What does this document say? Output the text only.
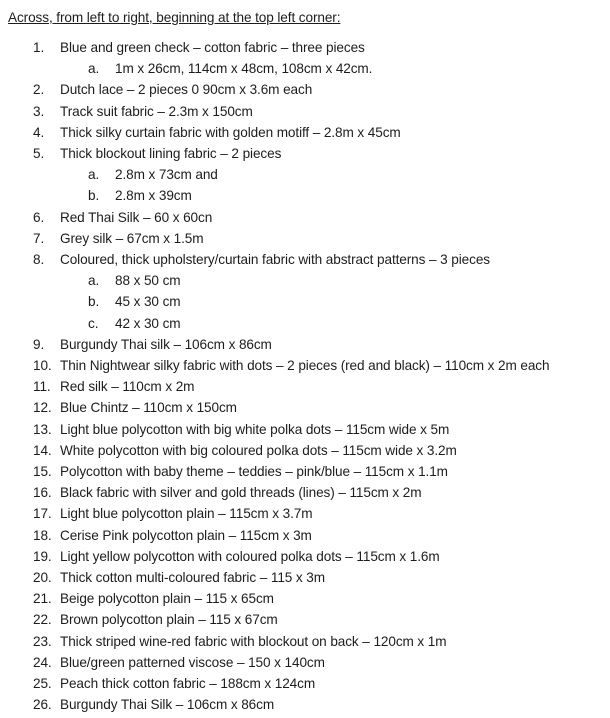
Across, from left to right, beginning at the top left corner:
1.	Blue and green check – cotton fabric – three pieces
a.	1m x 26cm, 114cm x 48cm, 108cm x 42cm.
2.	Dutch lace – 2 pieces 0 90cm x 3.6m each
3.	Track suit fabric – 2.3m x 150cm
4.	Thick silky curtain fabric with golden motiff – 2.8m x 45cm
5.	Thick blockout lining fabric – 2 pieces
a.	2.8m x 73cm and
b.	2.8m x 39cm
6.	Red Thai Silk – 60 x 60cn
7.	Grey silk – 67cm x 1.5m
8.	Coloured, thick upholstery/curtain fabric with abstract patterns – 3 pieces
a.	88 x 50 cm
b.	45 x 30 cm
c.	42 x 30 cm
9.	Burgundy Thai silk – 106cm x 86cm
10. Thin Nightwear silky fabric with dots – 2 pieces (red and black) – 110cm x 2m each
11. Red silk – 110cm x 2m
12. Blue Chintz – 110cm x 150cm
13. Light blue polycotton with big white polka dots – 115cm wide x 5m
14. White polycotton with big coloured polka dots – 115cm wide x 3.2m
15. Polycotton with baby theme – teddies – pink/blue – 115cm x 1.1m
16. Black fabric with silver and gold threads (lines) – 115cm x 2m
17. Light blue polycotton plain – 115cm x 3.7m
18. Cerise Pink polycotton plain – 115cm x 3m
19. Light yellow polycotton with coloured polka dots – 115cm x 1.6m
20. Thick cotton multi-coloured fabric – 115 x 3m
21. Beige polycotton plain – 115 x 65cm
22. Brown polycotton plain – 115 x 67cm
23. Thick striped wine-red fabric with blockout on back – 120cm x 1m
24. Blue/green patterned viscose – 150 x 140cm
25. Peach thick cotton fabric – 188cm x 124cm
26. Burgundy Thai Silk – 106cm x 86cm
